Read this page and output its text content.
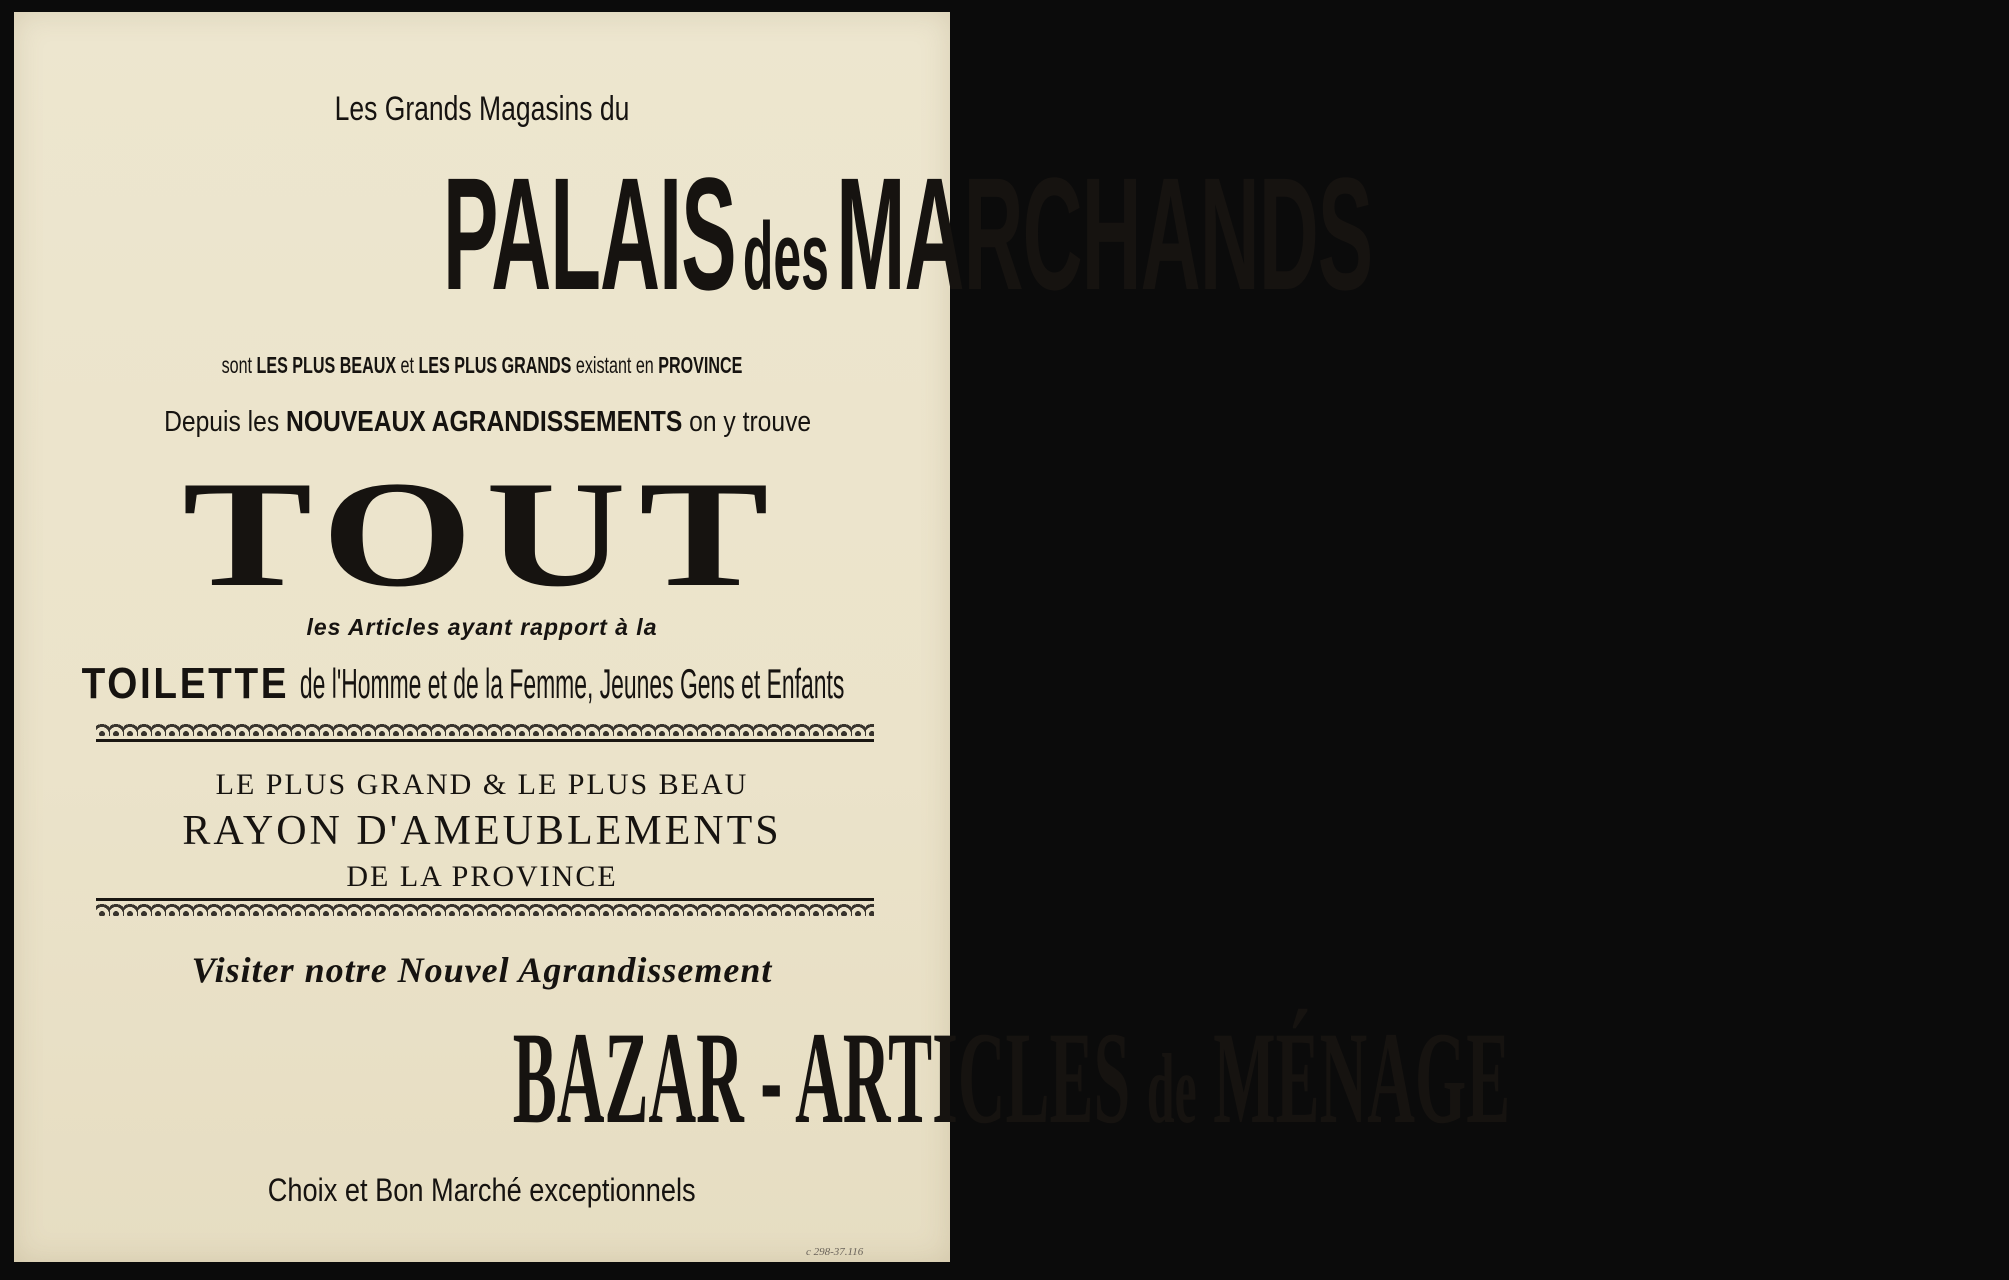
Les Grands Magasins du
PALAISdesMARCHANDS
sont LES PLUS BEAUX et LES PLUS GRANDS existant en PROVINCE
Depuis les NOUVEAUX AGRANDISSEMENTS on y trouve
TOUT
les Articles ayant rapport à la
TOILETTE de l'Homme et de la Femme, Jeunes Gens et Enfants
LE PLUS GRAND & LE PLUS BEAU
RAYON D'AMEUBLEMENTS
DE LA PROVINCE
Visiter notre Nouvel Agrandissement
BAZAR - ARTICLES de MÉNAGE
Choix et Bon Marché exceptionnels
c 298-37.116
